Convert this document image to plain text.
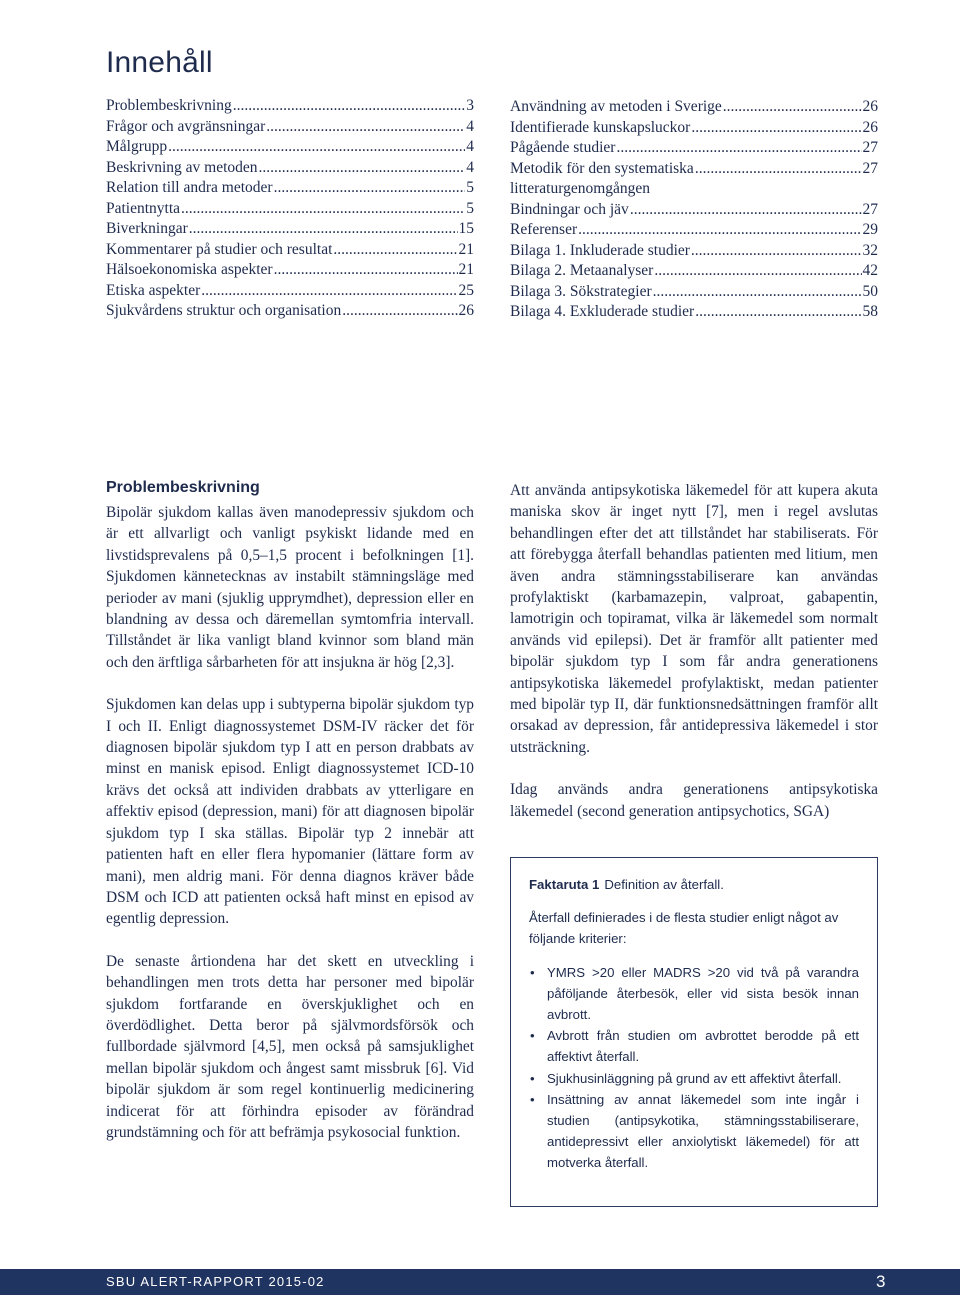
Innehåll
Problembeskrivning .....	3
Frågor och avgränsningar .....	4
Målgrupp .....	4
Beskrivning av metoden .....	4
Relation till andra metoder .....	5
Patientnytta .....	5
Biverkningar .....	15
Kommentarer på studier och resultat .....	21
Hälsoekonomiska aspekter .....	21
Etiska aspekter .....	25
Sjukvårdens struktur och organisation .....	26
Användning av metoden i Sverige .....	26
Identifierade kunskapsluckor .....	26
Pågående studier .....	27
Metodik för den systematiska .....	27
litteraturgenomgången
Bindningar och jäv .....	27
Referenser .....	29
Bilaga 1. Inkluderade studier .....	32
Bilaga 2. Metaanalyser .....	42
Bilaga 3. Sökstrategier .....	50
Bilaga 4. Exkluderade studier .....	58
Problembeskrivning

Bipolär sjukdom kallas även manodepressiv sjukdom och är ett allvarligt och vanligt psykiskt lidande med en livstidsprevalens på 0,5–1,5 procent i befolkningen [1]. Sjukdomen kännetecknas av instabilt stämningsläge med perioder av mani (sjuklig upprymdhet), depression eller en blandning av dessa och däremellan symtomfria intervall. Tillståndet är lika vanligt bland kvinnor som bland män och den ärftliga sårbarheten för att insjukna är hög [2,3].

Sjukdomen kan delas upp i subtyperna bipolär sjukdom typ I och II. Enligt diagnossystemet DSM-IV räcker det för diagnosen bipolär sjukdom typ I att en person drabbats av minst en manisk episod. Enligt diagnossystemet ICD-10 krävs det också att individen drabbats av ytterligare en affektiv episod (depression, mani) för att diagnosen bipolär sjukdom typ I ska ställas. Bipolär typ 2 innebär att patienten haft en eller flera hypomanier (lättare form av mani), men aldrig mani. För denna diagnos kräver både DSM och ICD att patienten också haft minst en episod av egentlig depression.

De senaste årtiondena har det skett en utveckling i behandlingen men trots detta har personer med bipolär sjukdom fortfarande en överskjuklighet och en överdödlighet. Detta beror på självmordsförsök och fullbordade självmord [4,5], men också på samsjuklighet mellan bipolär sjukdom och ångest samt missbruk [6]. Vid bipolär sjukdom är som regel kontinuerlig medicinering indicerat för att förhindra episoder av förändrad grundstämning och för att befrämja psykosocial funktion.

Att använda antipsykotiska läkemedel för att kupera akuta maniska skov är inget nytt [7], men i regel avslutas behandlingen efter det att tillståndet har stabiliserats. För att förebygga återfall behandlas patienten med litium, men även andra stämningsstabiliserare kan användas profylaktiskt (karbamazepin, valproat, gabapentin, lamotrigin och topiramat, vilka är läkemedel som normalt används vid epilepsi). Det är framför allt patienter med bipolär sjukdom typ I som får andra generationens antipsykotiska läkemedel profylaktiskt, medan patienter med bipolär typ II, där funktionsnedsättningen framför allt orsakad av depression, får antidepressiva läkemedel i stor utsträckning.

Idag används andra generationens antipsykotiska läkemedel (second generation antipsychotics, SGA)

Faktaruta 1 Definition av återfall.

Återfall definierades i de flesta studier enligt något av följande kriterier:

• YMRS >20 eller MADRS >20 vid två på varandra påföljande återbesök, eller vid sista besök innan avbrott.
• Avbrott från studien om avbrottet berodde på ett affektivt återfall.
• Sjukhusinläggning på grund av ett affektivt återfall.
• Insättning av annat läkemedel som inte ingår i studien (antipsykotika, stämningsstabiliserare, antidepressivt eller anxiolytiskt läkemedel) för att motverka återfall.
SBU ALERT-RAPPORT 2015-02	3
